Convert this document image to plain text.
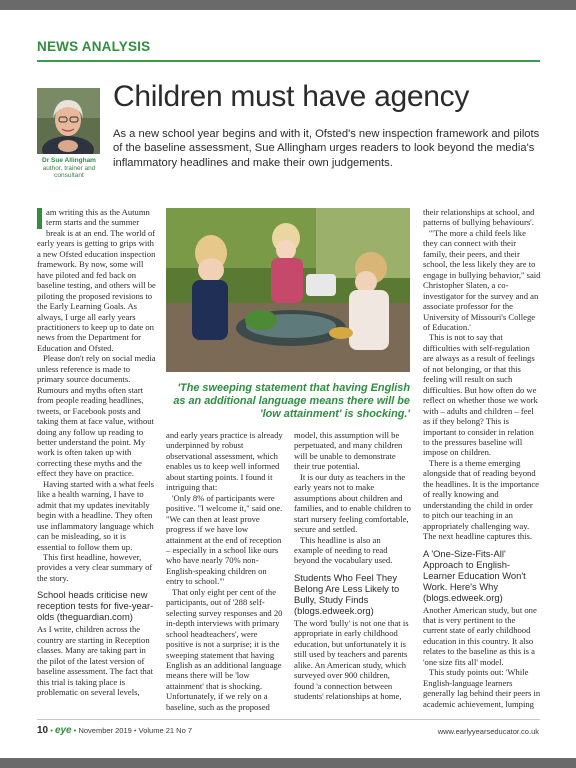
NEWS ANALYSIS
Dr Sue Allingham
author, trainer and consultant
Children must have agency
As a new school year begins and with it, Ofsted's new inspection framework and pilots of the baseline assessment, Sue Allingham urges readers to look beyond the media's inflammatory headlines and make their own judgements.

am writing this as the Autumn term starts and the summer break is at an end. The world of early years is getting to grips with a new Ofsted education inspection framework. By now, some will have piloted and fed back on baseline testing, and others will be piloting the proposed revisions to the Early Learning Goals. As always, I urge all early years practitioners to keep up to date on news from the Department for Education and Ofsted.

Please don't rely on social media unless reference is made to primary source documents. Rumours and myths often start from people reading headlines, tweets, or Facebook posts and taking them at face value, without doing any follow up reading to better understand the point. My work is often taken up with correcting these myths and the effect they have on practice.

Having started with a what feels like a health warning, I have to admit that my updates inevitably begin with a headline. They often use inflammatory language which can be misleading, so it is essential to follow them up.

This first headline, however, provides a very clear summary of the story.

School heads criticise new reception tests for five-year-olds (theguardian.com)

As I write, children across the country are starting in Reception classes. Many are taking part in the pilot of the latest version of baseline assessment. The fact that this trial is taking place is problematic on several levels,

'The sweeping statement that having English as an additional language means there will be 'low attainment' is shocking.'

and early years practice is already underpinned by robust observational assessment, which enables us to keep well informed about starting points. I found it intriguing that:

'Only 8% of participants were positive. "I welcome it," said one. "We can then at least prove progress if we have low attainment at the end of reception – especially in a school like ours who have nearly 70% non-English-speaking children on entry to school."'

That only eight per cent of the participants, out of '288 self-selecting survey responses and 20 in-depth interviews with primary school headteachers', were positive is not a surprise; it is the sweeping statement that having English as an additional language means there will be 'low attainment' that is shocking. Unfortunately, if we rely on a baseline, such as the proposed

model, this assumption will be perpetuated, and many children will be unable to demonstrate their true potential.

It is our duty as teachers in the early years not to make assumptions about children and families, and to enable children to start nursery feeling comfortable, secure and settled.

This headline is also an example of needing to read beyond the vocabulary used.

Students Who Feel They Belong Are Less Likely to Bully, Study Finds (blogs.edweek.org)

The word 'bully' is not one that is appropriate in early childhood education, but unfortunately it is still used by teachers and parents alike. An American study, which surveyed over 900 children, found 'a connection between students' relationships at home,

their relationships at school, and patterns of bullying behaviours'.

'"The more a child feels like they can connect with their family, their peers, and their school, the less likely they are to engage in bullying behavior," said Christopher Slaten, a co-investigator for the survey and an associate professor for the University of Missouri's College of Education.'

This is not to say that difficulties with self-regulation are always as a result of feelings of not belonging, or that this feeling will result on such difficulties. But how often do we reflect on whether those we work with – adults and children – feel as if they belong? This is important to consider in relation to the pressures baseline will impose on children.

There is a theme emerging alongside that of reading beyond the headlines. It is the importance of really knowing and understanding the child in order to pitch our teaching in an appropriately challenging way. The next headline captures this.

A 'One-Size-Fits-All' Approach to English-Learner Education Won't Work. Here's Why (blogs.edweek.org)

Another American study, but one that is very pertinent to the current state of early childhood education in this country. It also relates to the baseline as this is a 'one size fits all' model.

This study points out: 'While English-language learners generally lag behind their peers in academic achievement, lumping

10 • eye • November 2019 • Volume 21 No 7	www.earlyyearseducator.co.uk
